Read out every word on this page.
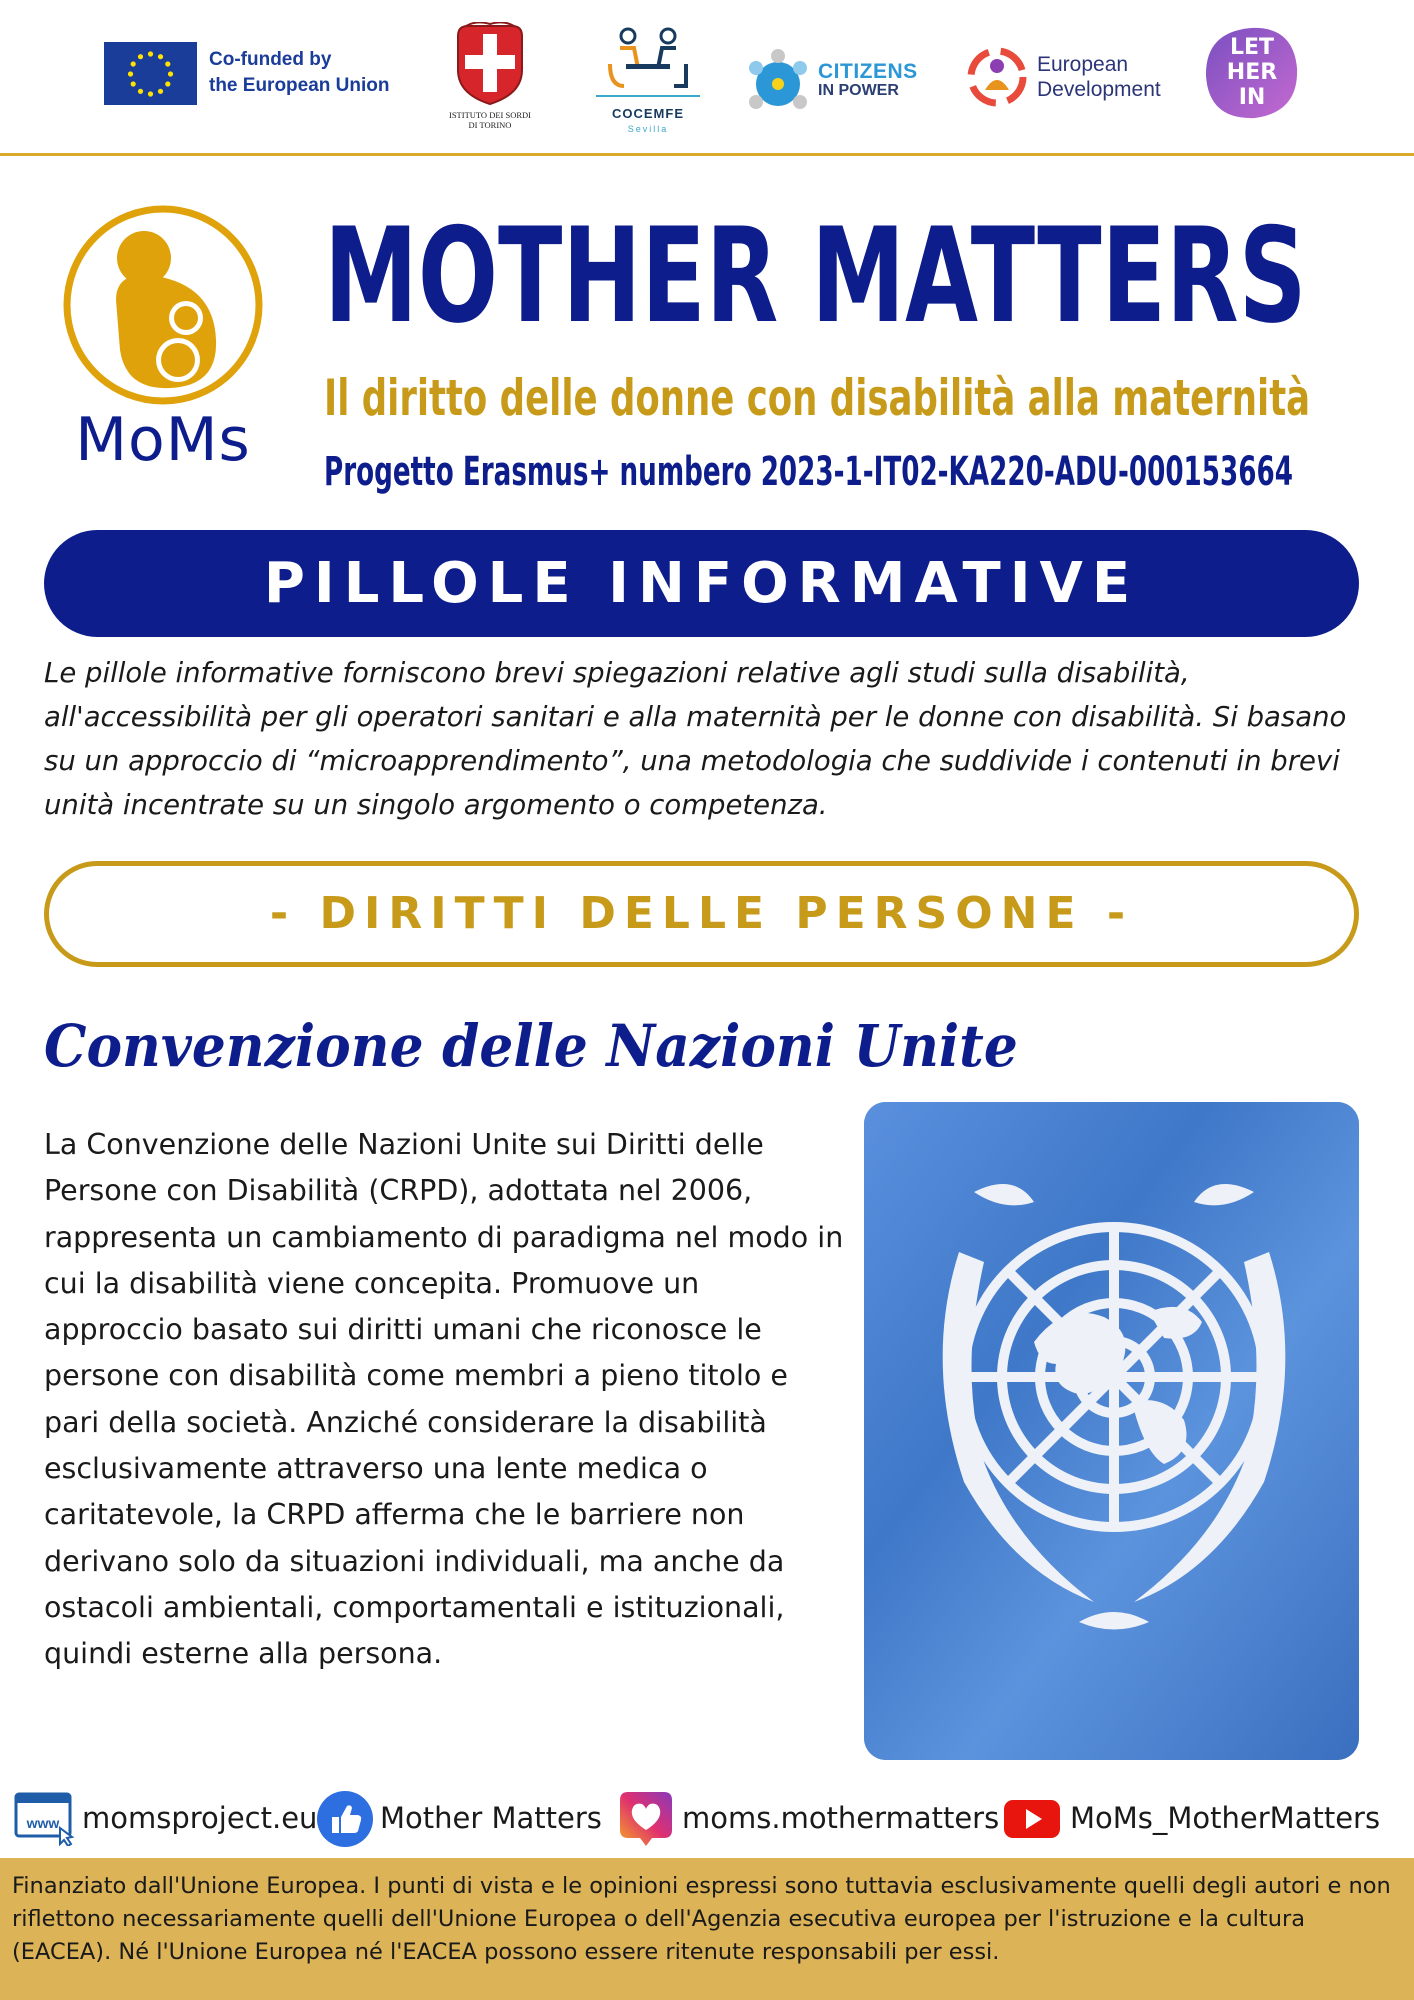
Co-funded by
the European Union
ISTITUTO DEI SORDI
DI TORINO
COCEMFE
Sevilla
CITIZENS
IN POWER
European
Development
LET
HER
IN
MoMs
MOTHER MATTERS
Il diritto delle donne con disabilità alla maternità
Progetto Erasmus+ numbero 2023-1-IT02-KA220-ADU-000153664
PILLOLE INFORMATIVE

Le pillole informative forniscono brevi spiegazioni relative agli studi sulla disabilità, all'accessibilità per gli operatori sanitari e alla maternità per le donne con disabilità. Si basano su un approccio di “microapprendimento”, una metodologia che suddivide i contenuti in brevi unità incentrate su un singolo argomento o competenza.

- DIRITTI DELLE PERSONE -
Convenzione delle Nazioni Unite

La Convenzione delle Nazioni Unite sui Diritti delle Persone con Disabilità (CRPD), adottata nel 2006, rappresenta un cambiamento di paradigma nel modo in cui la disabilità viene concepita. Promuove un approccio basato sui diritti umani che riconosce le persone con disabilità come membri a pieno titolo e pari della società. Anziché considerare la disabilità esclusivamente attraverso una lente medica o caritatevole, la CRPD afferma che le barriere non derivano solo da situazioni individuali, ma anche da ostacoli ambientali, comportamentali e istituzionali, quindi esterne alla persona.

www momsproject.eu Mother Matters	moms.mothermatters MoMs_MotherMatters

Finanziato dall'Unione Europea. I punti di vista e le opinioni espressi sono tuttavia esclusivamente quelli degli autori e non riflettono necessariamente quelli dell'Unione Europea o dell'Agenzia esecutiva europea per l'istruzione e la cultura (EACEA). Né l'Unione Europea né l'EACEA possono essere ritenute responsabili per essi.
